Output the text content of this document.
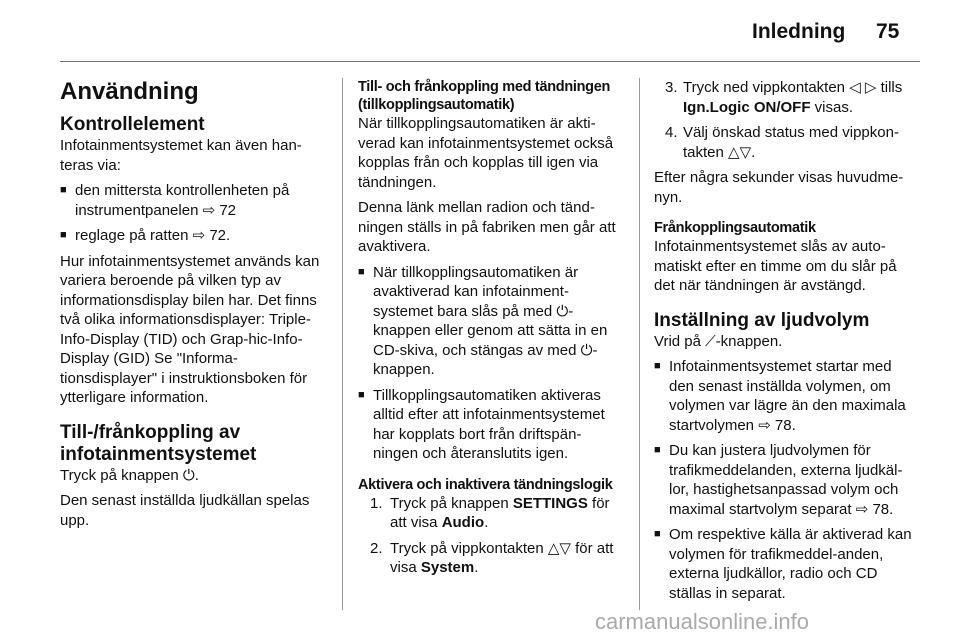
Inledning 75
Användning
Kontrollelement

Infotainmentsystemet kan även han-teras via:

■ den mittersta kontrollenheten på instrumentpanelen ⇨ 72
■ reglage på ratten ⇨ 72.

Hur infotainmentsystemet används kan variera beroende på vilken typ av informationsdisplay bilen har. Det finns två olika informationsdisplayer: Triple-Info-Display (TID) och Grap-hic-Info-Display (GID) Se "Informa-tionsdisplayer" i instruktionsboken för ytterligare information.

Till-/frånkoppling av infotainmentsystemet

Tryck på knappen ⏻.

Den senast inställda ljudkällan spelas upp.

Till- och frånkoppling med tändningen (tillkopplingsautomatik)

När tillkopplingsautomatiken är akti-verad kan infotainmentsystemet också kopplas från och kopplas till igen via tändningen.

Denna länk mellan radion och tänd-ningen ställs in på fabriken men går att avaktivera.

■ När tillkopplingsautomatiken är avaktiverad kan infotainment-systemet bara slås på med ⏻-knappen eller genom att sätta in en CD-skiva, och stängas av med ⏻-knappen.
■ Tillkopplingsautomatiken aktiveras alltid efter att infotainmentsystemet har kopplats bort från driftspän-ningen och återanslutits igen.
Aktivera och inaktivera tändningslogik
1. Tryck på knappen SETTINGS för att visa Audio.
2. Tryck på vippkontakten △▽ för att visa System.
3. Tryck ned vippkontakten ◁ ▷ tills Ign.Logic ON/OFF visas.
4. Välj önskad status med vippkon-takten △▽.

Efter några sekunder visas huvudme-nyn.

Frånkopplingsautomatik

Infotainmentsystemet slås av auto-matiskt efter en timme om du slår på det när tändningen är avstängd.

Inställning av ljudvolym

Vrid på ⟋-knappen.

■ Infotainmentsystemet startar med den senast inställda volymen, om volymen var lägre än den maximala startvolymen ⇨ 78.
■ Du kan justera ljudvolymen för trafikmeddelanden, externa ljudkäl-lor, hastighetsanpassad volym och maximal startvolym separat ⇨ 78.
■ Om respektive källa är aktiverad kan volymen för trafikmeddel-anden, externa ljudkällor, radio och CD ställas in separat.
carmanualsonline.info
